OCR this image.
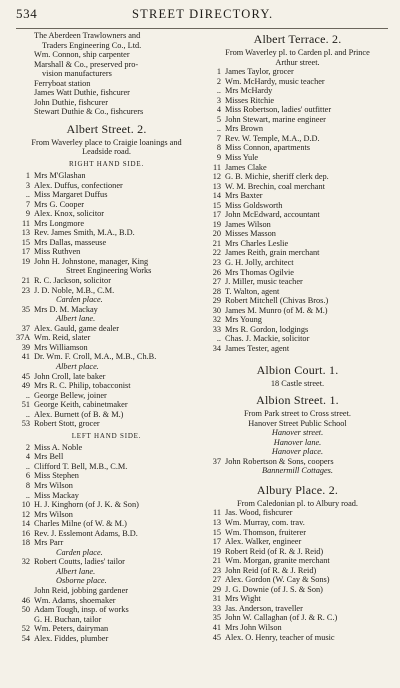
534	STREET DIRECTORY.
The Aberdeen Trawlowners and
Traders Engineering Co., Ltd.
Wm. Connon, ship carpenter
Marshall & Co., preserved pro-
vision manufacturers
Ferryboat station
James Watt Duthie, fishcurer
John Duthie, fishcurer
Stewart Duthie & Co., fishcurers
Albert Street. 2.
From Waverley place to Craigie loanings and Leadside road.
RIGHT HAND SIDE.
1 Mrs M'Glashan
3 Alex. Duffus, confectioner
.. Miss Margaret Duffus
7 Mrs G. Cooper
9 Alex. Knox, solicitor
11 Mrs Longmore
13 Rev. James Smith, M.A., B.D.
15 Mrs Dallas, masseuse
17 Miss Ruthven
19 John H. Johnstone, manager, King
Street Engineering Works
21 R. C. Jackson, solicitor
23 J. D. Noble, M.B., C.M.
Carden place.
35 Mrs D. M. Mackay
Albert lane.
37 Alex. Gauld, game dealer
37A Wm. Reid, slater
39 Mrs Williamson
41 Dr. Wm. F. Croll, M.A., M.B., Ch.B.
Albert place.
45 John Croll, late baker
49 Mrs R. C. Philip, tobacconist
.. George Bellew, joiner
51 George Keith, cabinetmaker
.. Alex. Burnett (of B. & M.)
53 Robert Stott, grocer
LEFT HAND SIDE.
2 Miss A. Noble
4 Mrs Bell
.. Clifford T. Bell, M.B., C.M.
6 Miss Stephen
8 Mrs Wilson
.. Miss Mackay
10 H. J. Kinghorn (of J. K. & Son)
12 Mrs Wilson
14 Charles Milne (of W. & M.)
16 Rev. J. Esslemont Adams, B.D.
18 Mrs Parr
Carden place.
32 Robert Coutts, ladies' tailor
Albert lane.
Osborne place.
John Reid, jobbing gardener
46 Wm. Adams, shoemaker
50 Adam Tough, insp. of works
G. H. Buchan, tailor
52 Wm. Peters, dairyman
54 Alex. Fiddes, plumber
Albert Terrace. 2.
From Waverley pl. to Carden pl. and Prince Arthur street.
1 James Taylor, grocer
2 Wm. McHardy, music teacher
.. Mrs McHardy
3 Misses Ritchie
4 Miss Robertson, ladies' outfitter
5 John Stewart, marine engineer
.. Mrs Brown
7 Rev. W. Temple, M.A., D.D.
8 Miss Connon, apartments
9 Miss Yule
11 James Clake
12 G. B. Michie, sheriff clerk dep.
13 W. M. Brechin, coal merchant
14 Mrs Baxter
15 Miss Goldsworth
17 John McEdward, accountant
19 James Wilson
20 Misses Masson
21 Mrs Charles Leslie
22 James Reith, grain merchant
23 G. H. Jolly, architect
26 Mrs Thomas Ogilvie
27 J. Miller, music teacher
28 T. Walton, agent
29 Robert Mitchell (Chivas Bros.)
30 James M. Munro (of M. & M.)
32 Mrs Young
33 Mrs R. Gordon, lodgings
.. Chas. J. Mackie, solicitor
34 James Tester, agent
Albion Court. 1.
18 Castle street.
Albion Street. 1.
From Park street to Cross street.
Hanover Street Public School
Hanover street.
Hanover lane.
Hanover place.
37 John Robertson & Sons, coopers
Bannermill Cottages.
Albury Place. 2.
From Caledonian pl. to Albury road.
11 Jas. Wood, fishcurer
13 Wm. Murray, com. trav.
15 Wm. Thomson, fruiterer
17 Alex. Walker, engineer
19 Robert Reid (of R. & J. Reid)
21 Wm. Morgan, granite merchant
23 John Reid (of R. & J. Reid)
27 Alex. Gordon (W. Cay & Sons)
29 J. G. Downie (of J. S. & Son)
31 Mrs Wight
33 Jas. Anderson, traveller
35 John W. Callaghan (of J. & R. C.)
41 Mrs John Wilson
45 Alex. O. Henry, teacher of music
